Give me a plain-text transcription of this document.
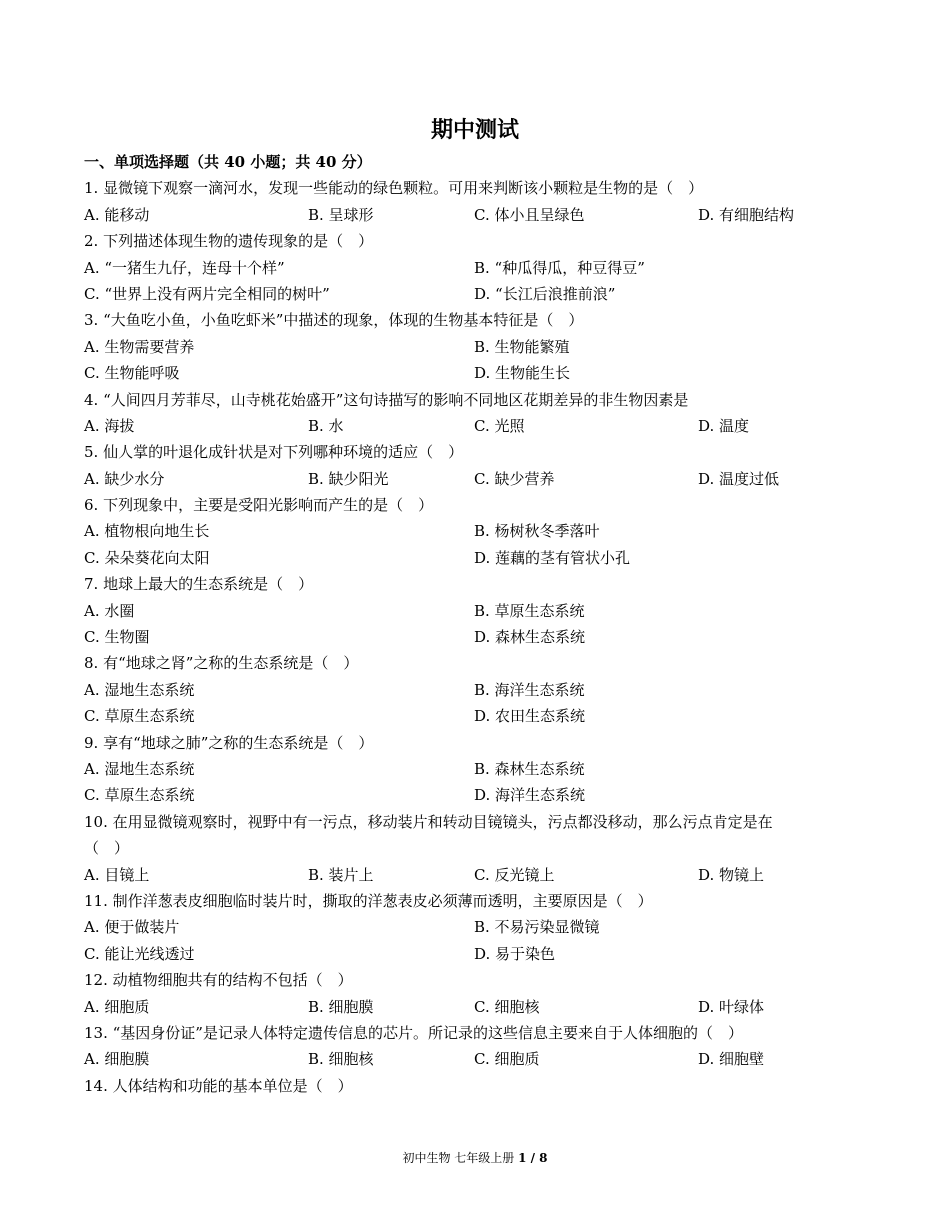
期中测试
一、单项选择题（共 40 小题；共 40 分）
1. 显微镜下观察一滴河水，发现一些能动的绿色颗粒。可用来判断该小颗粒是生物的是（　）
A. 能移动	B. 呈球形	C. 体小且呈绿色	D. 有细胞结构
2. 下列描述体现生物的遗传现象的是（　）
A. “一猪生九仔，连母十个样”	B. “种瓜得瓜，种豆得豆”
C. “世界上没有两片完全相同的树叶”	D. “长江后浪推前浪”
3. “大鱼吃小鱼，小鱼吃虾米”中描述的现象，体现的生物基本特征是（　）
A. 生物需要营养	B. 生物能繁殖
C. 生物能呼吸	D. 生物能生长
4. “人间四月芳菲尽，山寺桃花始盛开”这句诗描写的影响不同地区花期差异的非生物因素是
A. 海拔	B. 水	C. 光照	D. 温度
5. 仙人掌的叶退化成针状是对下列哪种环境的适应（　）
A. 缺少水分	B. 缺少阳光	C. 缺少营养	D. 温度过低
6. 下列现象中，主要是受阳光影响而产生的是（　）
A. 植物根向地生长	B. 杨树秋冬季落叶
C. 朵朵葵花向太阳	D. 莲藕的茎有管状小孔
7. 地球上最大的生态系统是（　）
A. 水圈	B. 草原生态系统
C. 生物圈	D. 森林生态系统
8. 有“地球之肾”之称的生态系统是（　）
A. 湿地生态系统	B. 海洋生态系统
C. 草原生态系统	D. 农田生态系统
9. 享有“地球之肺”之称的生态系统是（　）
A. 湿地生态系统	B. 森林生态系统
C. 草原生态系统	D. 海洋生态系统
10. 在用显微镜观察时，视野中有一污点，移动装片和转动目镜镜头，污点都没移动，那么污点肯定是在
（　）
A. 目镜上	B. 装片上	C. 反光镜上	D. 物镜上
11. 制作洋葱表皮细胞临时装片时，撕取的洋葱表皮必须薄而透明，主要原因是（　）
A. 便于做装片	B. 不易污染显微镜
C. 能让光线透过	D. 易于染色
12. 动植物细胞共有的结构不包括（　）
A. 细胞质	B. 细胞膜	C. 细胞核	D. 叶绿体
13. “基因身份证”是记录人体特定遗传信息的芯片。所记录的这些信息主要来自于人体细胞的（　）
A. 细胞膜	B. 细胞核	C. 细胞质	D. 细胞壁
14. 人体结构和功能的基本单位是（　）
初中生物 七年级上册 1 / 8
